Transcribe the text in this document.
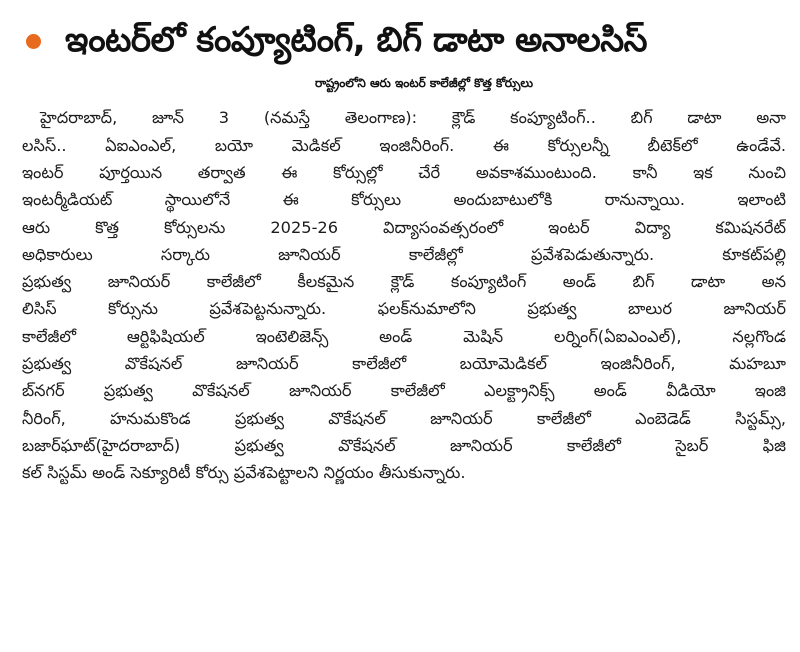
ఇంటర్‌లో కంప్యూటింగ్, బిగ్ డాటా అనాలసిస్
రాష్ట్రంలోని ఆరు ఇంటర్ కాలేజీల్లో కొత్త కోర్సులు
హైదరాబాద్, జూన్ 3 (నమస్తే తెలంగాణ): క్లౌడ్ కంప్యూటింగ్.. బిగ్ డాటా అనా
లసిస్.. ఏఐఎంఎల్, బయో మెడికల్ ఇంజినీరింగ్. ఈ కోర్సులన్నీ బీటెక్‌లో ఉండేవే.
ఇంటర్ పూర్తయిన తర్వాత ఈ కోర్సుల్లో చేరే అవకాశముంటుంది. కానీ ఇక నుంచి
ఇంటర్మీడియట్ స్థాయిలోనే ఈ కోర్సులు అందుబాటులోకి రానున్నాయి. ఇలాంటి
ఆరు కొత్త కోర్సులను 2025-26 విద్యాసంవత్సరంలో ఇంటర్ విద్యా కమిషనరేట్
అధికారులు సర్కారు జూనియర్ కాలేజీల్లో ప్రవేశపెడుతున్నారు. కూకట్‌పల్లి
ప్రభుత్వ జూనియర్ కాలేజీలో కీలకమైన క్లౌడ్ కంప్యూటింగ్ అండ్ బిగ్ డాటా అన
లిసిస్ కోర్సును ప్రవేశపెట్టనున్నారు. ఫలక్‌నుమాలోని ప్రభుత్వ బాలుర జూనియర్
కాలేజీలో ఆర్టిఫిషియల్ ఇంటెలిజెన్స్ అండ్ మెషిన్ లర్నింగ్(ఏఐఎంఎల్), నల్లగొండ
ప్రభుత్వ వొకేషనల్ జూనియర్ కాలేజీలో బయోమెడికల్ ఇంజినీరింగ్, మహబూ
బ్‌నగర్ ప్రభుత్వ వొకేషనల్ జూనియర్ కాలేజీలో ఎలక్ట్రానిక్స్ అండ్ వీడియో ఇంజి
నీరింగ్, హనుమకొండ ప్రభుత్వ వొకేషనల్ జూనియర్ కాలేజీలో ఎంబెడెడ్ సిస్టమ్స్,
బజార్‌ఘాట్(హైదరాబాద్) ప్రభుత్వ వొకేషనల్ జూనియర్ కాలేజీలో సైబర్ ఫిజి
కల్ సిస్టమ్ అండ్ సెక్యూరిటీ కోర్సు ప్రవేశపెట్టాలని నిర్ణయం తీసుకున్నారు.
